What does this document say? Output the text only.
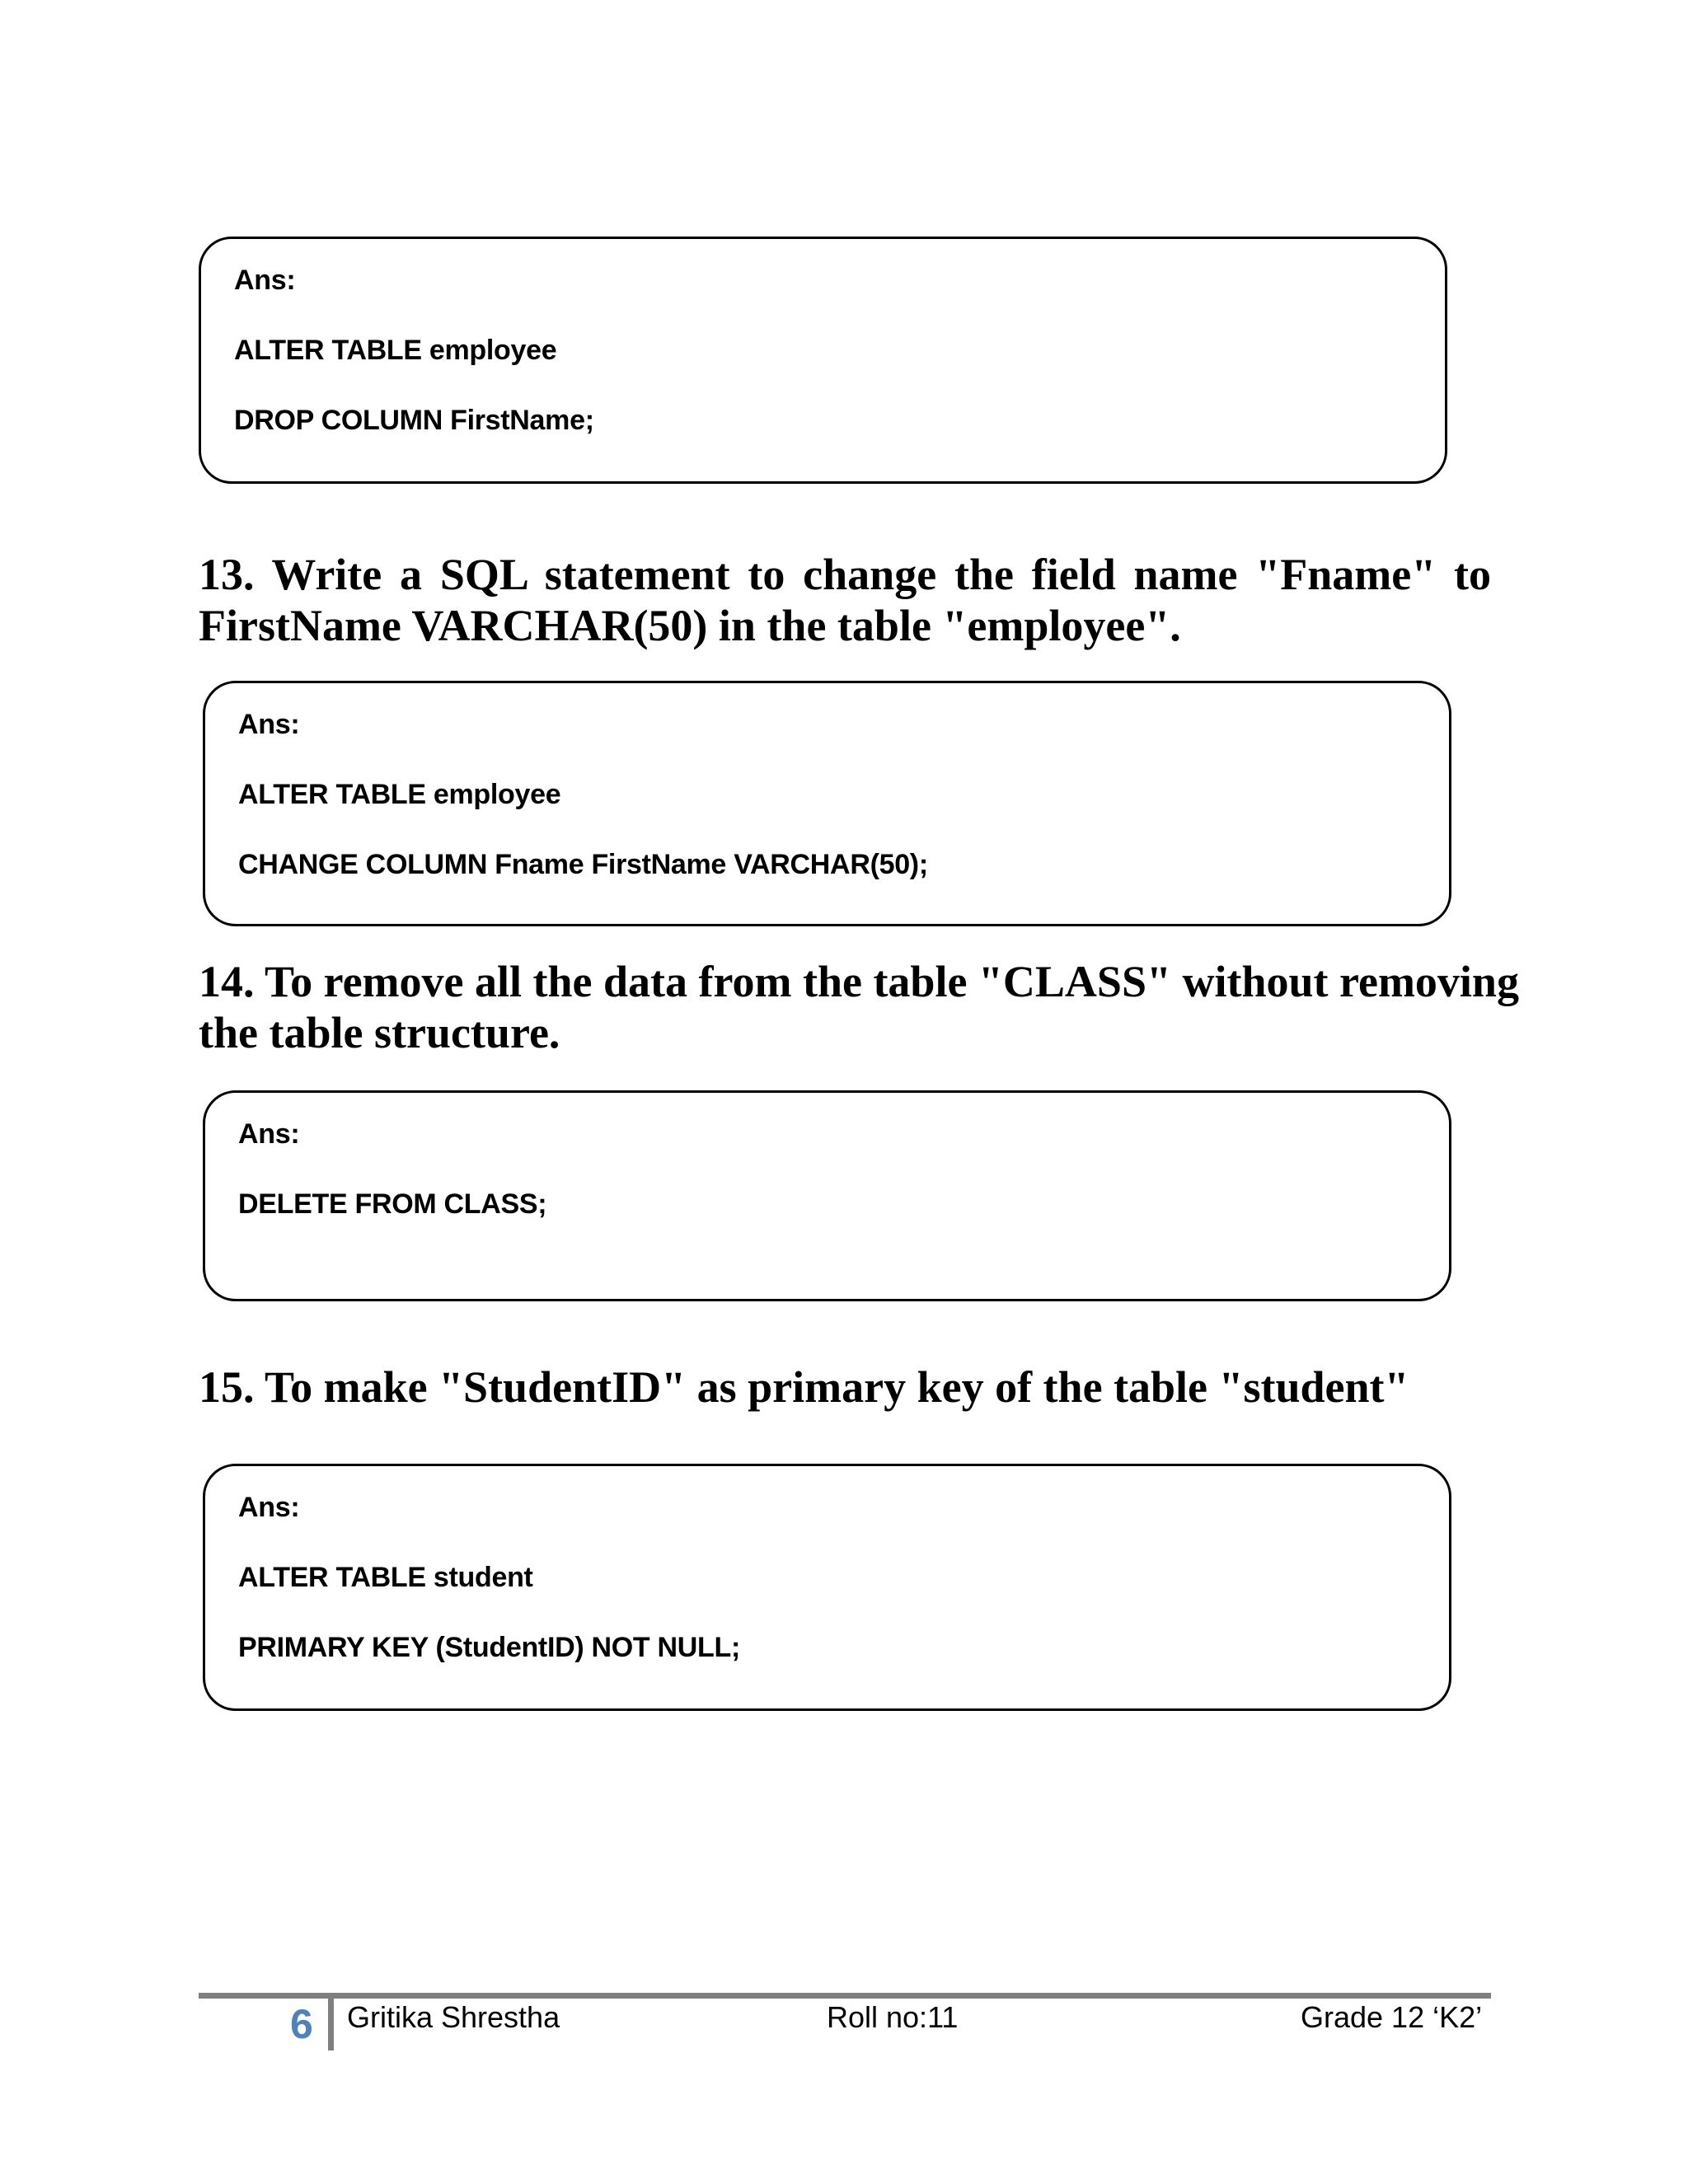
Ans:
ALTER TABLE employee
DROP COLUMN FirstName;
13. Write a SQL statement to change the field name "Fname" to
FirstName VARCHAR(50) in the table "employee".
Ans:
ALTER TABLE employee
CHANGE COLUMN Fname FirstName VARCHAR(50);
14. To remove all the data from the table "CLASS" without removing
the table structure.
Ans:
DELETE FROM CLASS;
15. To make "StudentID" as primary key of the table "student"
Ans:
ALTER TABLE student
PRIMARY KEY (StudentID) NOT NULL;
6 Gritika Shrestha	Roll no:11	Grade 12 ‘K2’
